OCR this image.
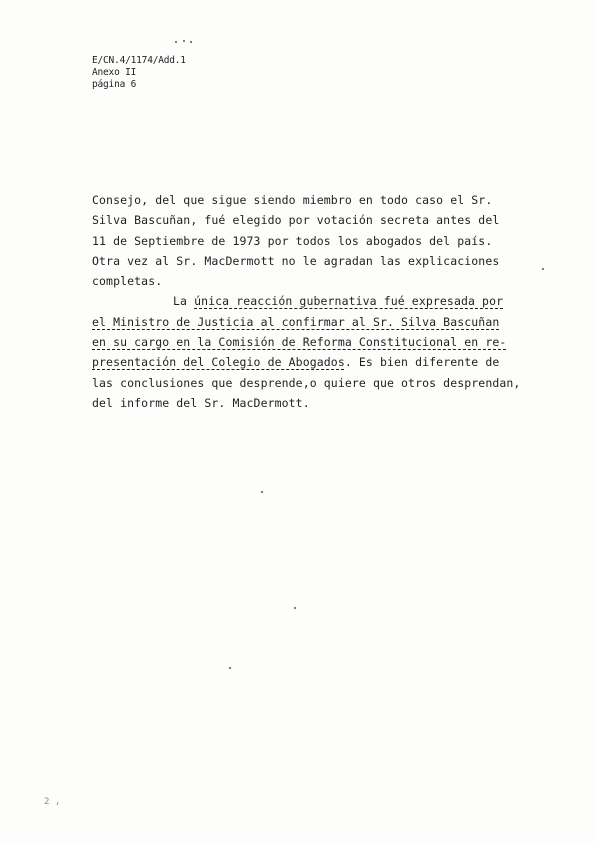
E/CN.4/1174/Add.1
Anexo II
página 6
Consejo, del que sigue siendo miembro en todo caso el Sr.
Silva Bascuñan, fué elegido por votación secreta antes del
11 de Septiembre de 1973 por todos los abogados del país.
Otra vez al Sr. MacDermott no le agradan las explicaciones
completas.
La única reacción gubernativa fué expresada por
el Ministro de Justicia al confirmar al Sr. Silva Bascuñan
en su cargo en la Comisión de Reforma Constitucional en re-
presentación del Colegio de Abogados. Es bien diferente de
las conclusiones que desprende,o quiere que otros desprendan,
del informe del Sr. MacDermott.
2 ,
